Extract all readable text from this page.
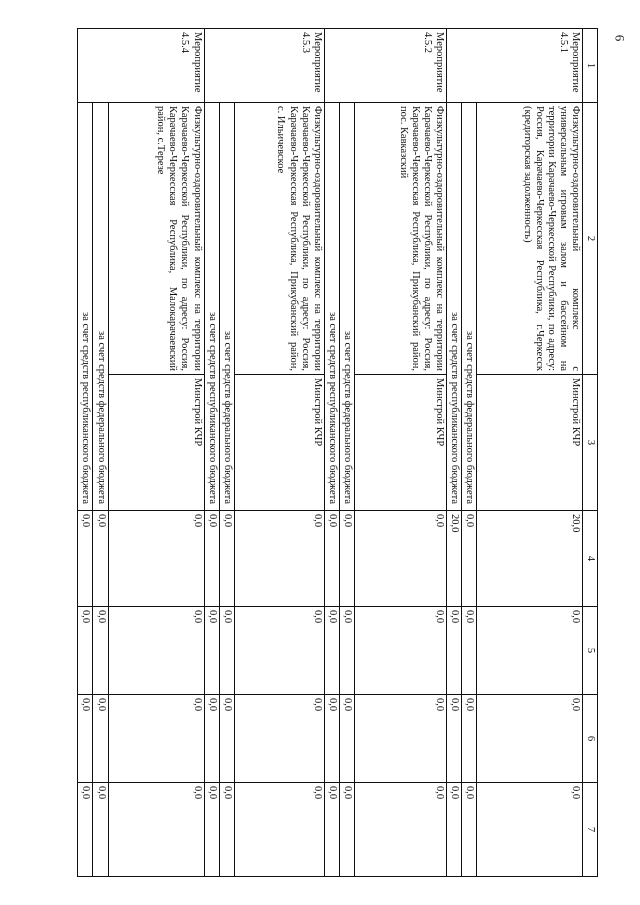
6
1	2	3	4	5	6	7
Мероприятие 4.5.1	Физкультурно-оздоровительный комплекс с универсальным игровым залом и бассейном на территории Карачаево-Черкесской Республики, по адресу: Россия, Карачаево-Черкесская Республика, г.Черкесск (кредиторская задолженность)	Минстрой КЧР	20,0	0,0	0,0	0,0
	за счет средств федерального бюджета		0,0	0,0	0,0	0,0
	за счет средств республиканского бюджета		20,0	0,0	0,0	0,0
Мероприятие 4.5.2	Физкультурно-оздоровительный комплекс на территории Карачаево-Черкесской Республики, по адресу: Россия, Карачаево-Черкесская Республика, Прикубанский район, пос. Кавказский	Минстрой КЧР	0,0	0,0	0,0	0,0
	за счет средств федерального бюджета		0,0	0,0	0,0	0,0
	за счет средств республиканского бюджета		0,0	0,0	0,0	0,0
Мероприятие 4.5.3	Физкультурно-оздоровительный комплекс на территории Карачаево-Черкесской Республики, по адресу: Россия, Карачаево-Черкесская Республика, Прикубанский район, с. Ильичевское	Минстрой КЧР	0,0	0,0	0,0	0,0
	за счет средств федерального бюджета		0,0	0,0	0,0	0,0
	за счет средств республиканского бюджета		0,0	0,0	0,0	0,0
Мероприятие 4.5.4	Физкультурно-оздоровительный комплекс на территории Карачаево-Черкесской Республики, по адресу: Россия, Карачаево-Черкесская Республика, Малокарачаевский район, с.Терезе	Минстрой КЧР	0,0	0,0	0,0	0,0
	за счет средств федерального бюджета		0,0	0,0	0,0	0,0
	за счет средств республиканского бюджета		0,0	0,0	0,0	0,0
